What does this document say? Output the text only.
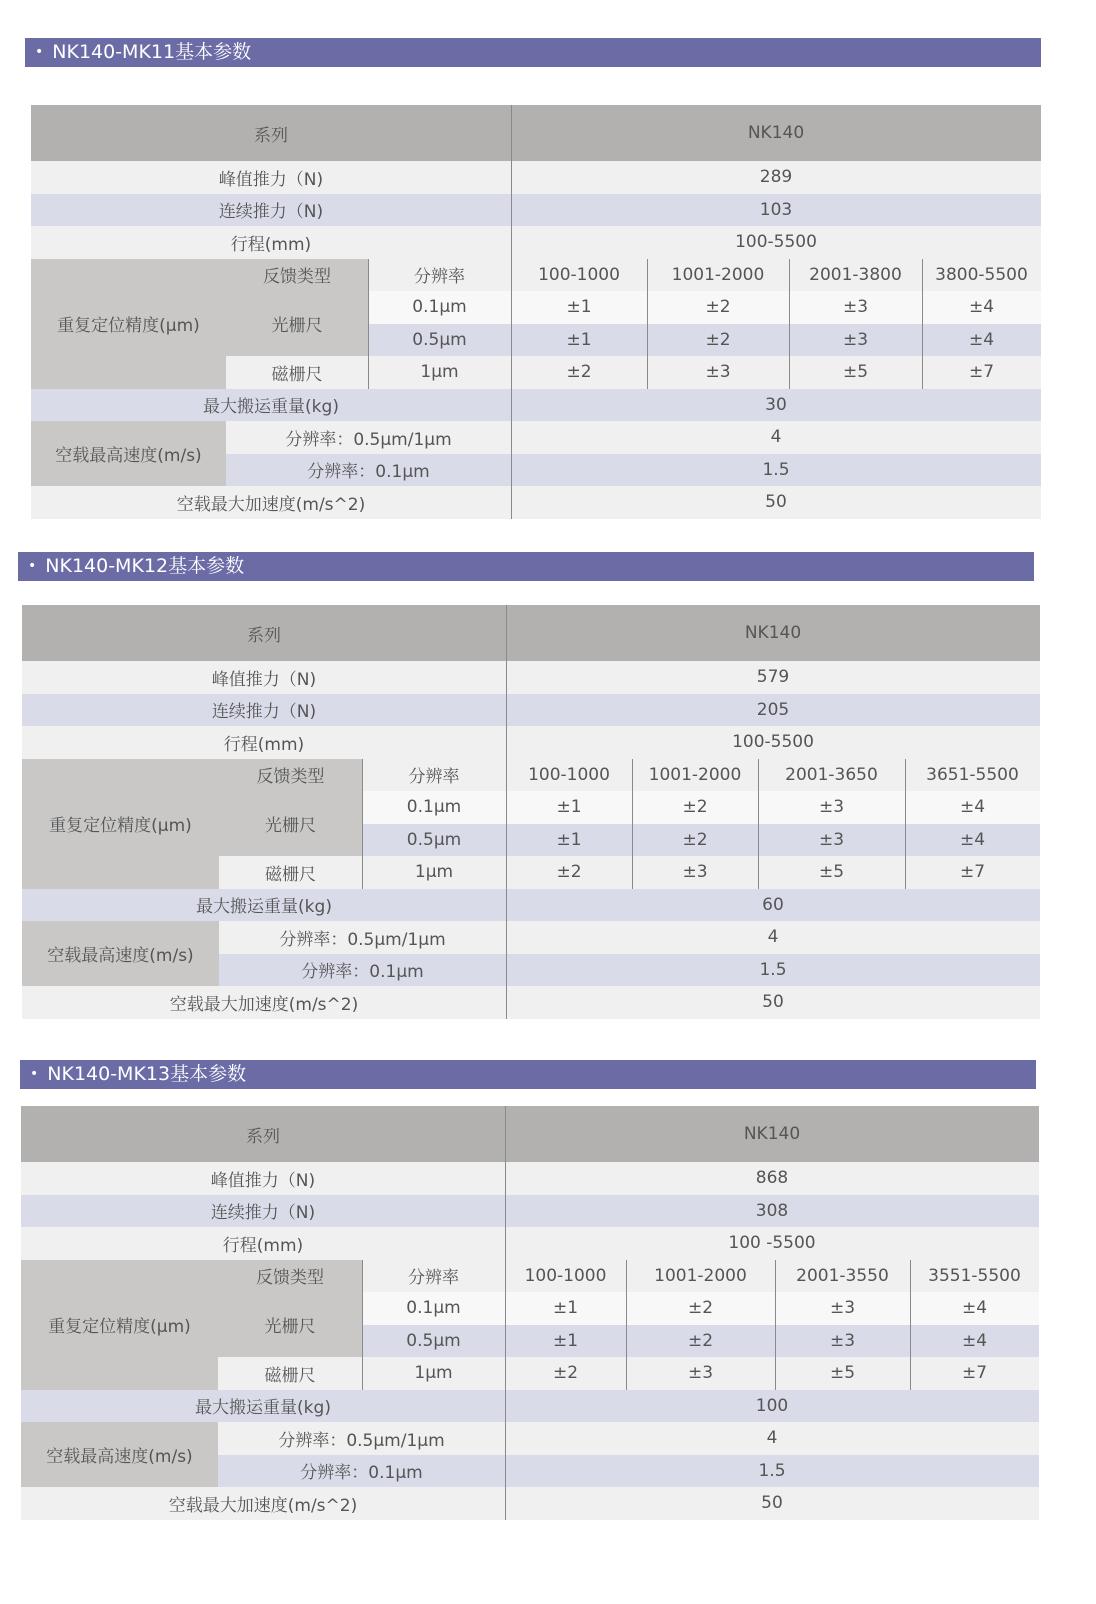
• NK140-MK11基本参数
系列	NK140
峰值推力（N)	289
连续推力（N)	103
行程(mm)	100-5500
重复定位精度(μm)
反馈类型	分辨率	100-1000	1001-2000	2001-3800	3800-5500
光栅尺
0.1μm	±1	±2	±3	±4
0.5μm	±1	±2	±3	±4
磁栅尺	1μm	±2	±3	±5	±7
最大搬运重量(kg)	30
空载最高速度(m/s)
分辨率：0.5μm/1μm	4
分辨率：0.1μm	1.5
空载最大加速度(m/s^2)	50
• NK140-MK12基本参数
系列	NK140
峰值推力（N)	579
连续推力（N)	205
行程(mm)	100-5500
重复定位精度(μm)
反馈类型	分辨率	100-1000	1001-2000	2001-3650	3651-5500
光栅尺
0.1μm	±1	±2	±3	±4
0.5μm	±1	±2	±3	±4
磁栅尺	1μm	±2	±3	±5	±7
最大搬运重量(kg)	60
空载最高速度(m/s)
分辨率：0.5μm/1μm	4
分辨率：0.1μm	1.5
空载最大加速度(m/s^2)	50
• NK140-MK13基本参数
系列	NK140
峰值推力（N)	868
连续推力（N)	308
行程(mm)	100 -5500
重复定位精度(μm)
反馈类型	分辨率	100-1000	1001-2000	2001-3550	3551-5500
光栅尺
0.1μm	±1	±2	±3	±4
0.5μm	±1	±2	±3	±4
磁栅尺	1μm	±2	±3	±5	±7
最大搬运重量(kg)	100
空载最高速度(m/s)
分辨率：0.5μm/1μm	4
分辨率：0.1μm	1.5
空载最大加速度(m/s^2)	50
